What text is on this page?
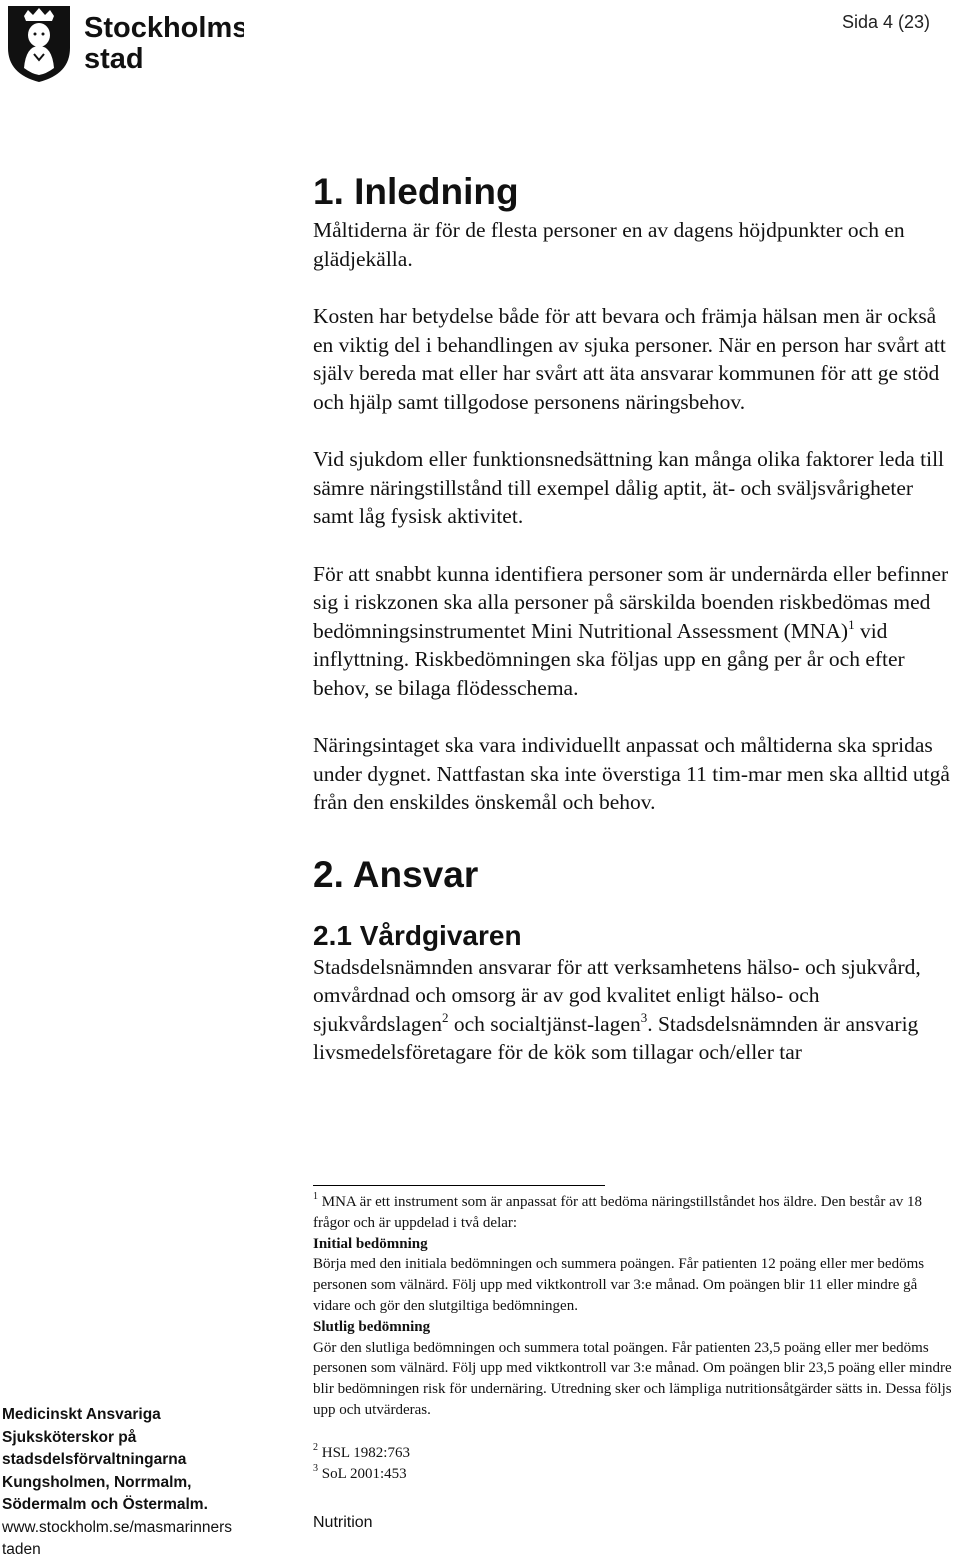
Stockholms
stad
Sida 4 (23)
1. Inledning

Måltiderna är för de flesta personer en av dagens höjdpunkter och en glädjekälla.

Kosten har betydelse både för att bevara och främja hälsan men är också en viktig del i behandlingen av sjuka personer. När en person har svårt att själv bereda mat eller har svårt att äta ansvarar kommunen för att ge stöd och hjälp samt tillgodose personens näringsbehov.

Vid sjukdom eller funktionsnedsättning kan många olika faktorer leda till sämre näringstillstånd till exempel dålig aptit, ät- och sväljsvårigheter samt låg fysisk aktivitet.

För att snabbt kunna identifiera personer som är undernärda eller befinner sig i riskzonen ska alla personer på särskilda boenden riskbedömas med bedömningsinstrumentet Mini Nutritional Assessment (MNA)$^1$ vid inflyttning. Riskbedömningen ska följas upp en gång per år och efter behov, se bilaga flödesschema.

Näringsintaget ska vara individuellt anpassat och måltiderna ska spridas under dygnet. Nattfastan ska inte överstiga 11 tim-mar men ska alltid utgå från den enskildes önskemål och behov.

2. Ansvar
2.1 Vårdgivaren

Stadsdelsnämnden ansvarar för att verksamhetens hälso- och sjukvård, omvårdnad och omsorg är av god kvalitet enligt hälso- och sjukvårdslagen$^2$ och socialtjänst-lagen$^3$. Stadsdelsnämnden är ansvarig livsmedelsföretagare för de kök som tillagar och/eller tar

$^1$ MNA är ett instrument som är anpassat för att bedöma näringstillståndet hos äldre. Den består av 18 frågor och är uppdelad i två delar:

Initial bedömning

Börja med den initiala bedömningen och summera poängen. Får patienten 12 poäng eller mer bedöms personen som välnärd. Följ upp med viktkontroll var 3:e månad. Om poängen blir 11 eller mindre gå vidare och gör den slutgiltiga bedömningen.

Slutlig bedömning

Gör den slutliga bedömningen och summera total poängen. Får patienten 23,5 poäng eller mer bedöms personen som välnärd. Följ upp med viktkontroll var 3:e månad. Om poängen blir 23,5 poäng eller mindre blir bedömningen risk för undernäring. Utredning sker och lämpliga nutritionsåtgärder sätts in. Dessa följs upp och utvärderas.

$^2$ HSL 1982:763

$^3$ SoL 2001:453

Nutrition
Medicinskt Ansvariga
Sjuksköterskor på
stadsdelsförvaltningarna
Kungsholmen, Norrmalm,
Södermalm och Östermalm.
www.stockholm.se/masmarinners
taden
